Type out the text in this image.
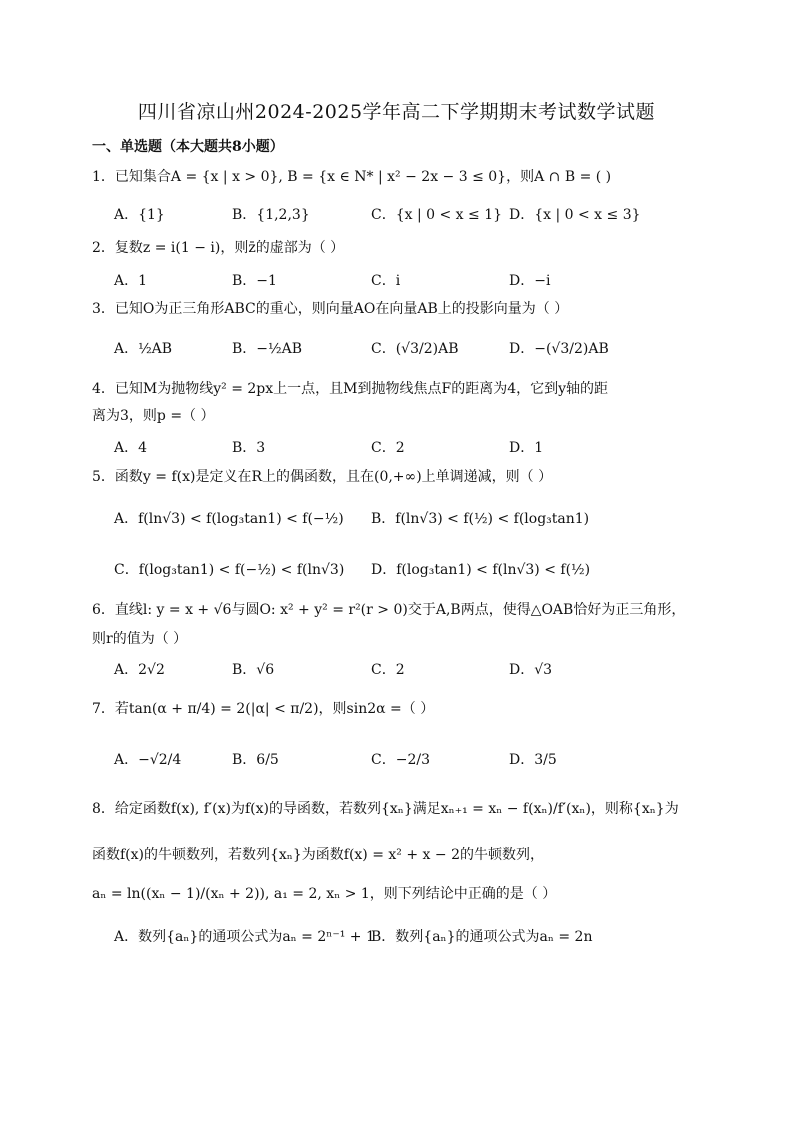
四川省凉山州2024-2025学年高二下学期期末考试数学试题
一、单选题（本大题共8小题）
1．已知集合A = {x | x > 0}, B = {x ∈ N* | x² − 2x − 3 ≤ 0}，则A ∩ B = ( )
A．{1}	B．{1,2,3}	C．{x | 0 < x ≤ 1} D．{x | 0 < x ≤ 3}
2．复数z = i(1 − i)，则z̄的虚部为（ ）
A．1	B．−1	C．i	D．−i
3．已知O为正三角形ABC的重心，则向量AO在向量AB上的投影向量为（ ）
A．½AB	B．−½AB	C．(√3/2)AB	D．−(√3/2)AB
4．已知M为抛物线y² = 2px上一点，且M到抛物线焦点F的距离为4，它到y轴的距
离为3，则p =（ ）
A．4	B．3	C．2	D．1
5．函数y = f(x)是定义在R上的偶函数，且在(0,+∞)上单调递减，则（ ）
A．f(ln√3) < f(log₃tan1) < f(−½) B．f(ln√3) < f(½) < f(log₃tan1)
C．f(log₃tan1) < f(−½) < f(ln√3) D．f(log₃tan1) < f(ln√3) < f(½)
6．直线l: y = x + √6与圆O: x² + y² = r²(r > 0)交于A,B两点，使得△OAB恰好为正三角形，
则r的值为（ ）
A．2√2	B．√6	C．2	D．√3
7．若tan(α + π/4) = 2(|α| < π/2)，则sin2α =（ ）
A．−√2/4	B．6/5	C．−2/3	D．3/5
8．给定函数f(x), f′(x)为f(x)的导函数，若数列{xₙ}满足xₙ₊₁ = xₙ − f(xₙ)/f′(xₙ)，则称{xₙ}为
函数f(x)的牛顿数列，若数列{xₙ}为函数f(x) = x² + x − 2的牛顿数列，
aₙ = ln((xₙ − 1)/(xₙ + 2)), a₁ = 2, xₙ > 1，则下列结论中正确的是（ ）
A．数列{aₙ}的通项公式为aₙ = 2ⁿ⁻¹ + 1
B．数列{aₙ}的通项公式为aₙ = 2n
